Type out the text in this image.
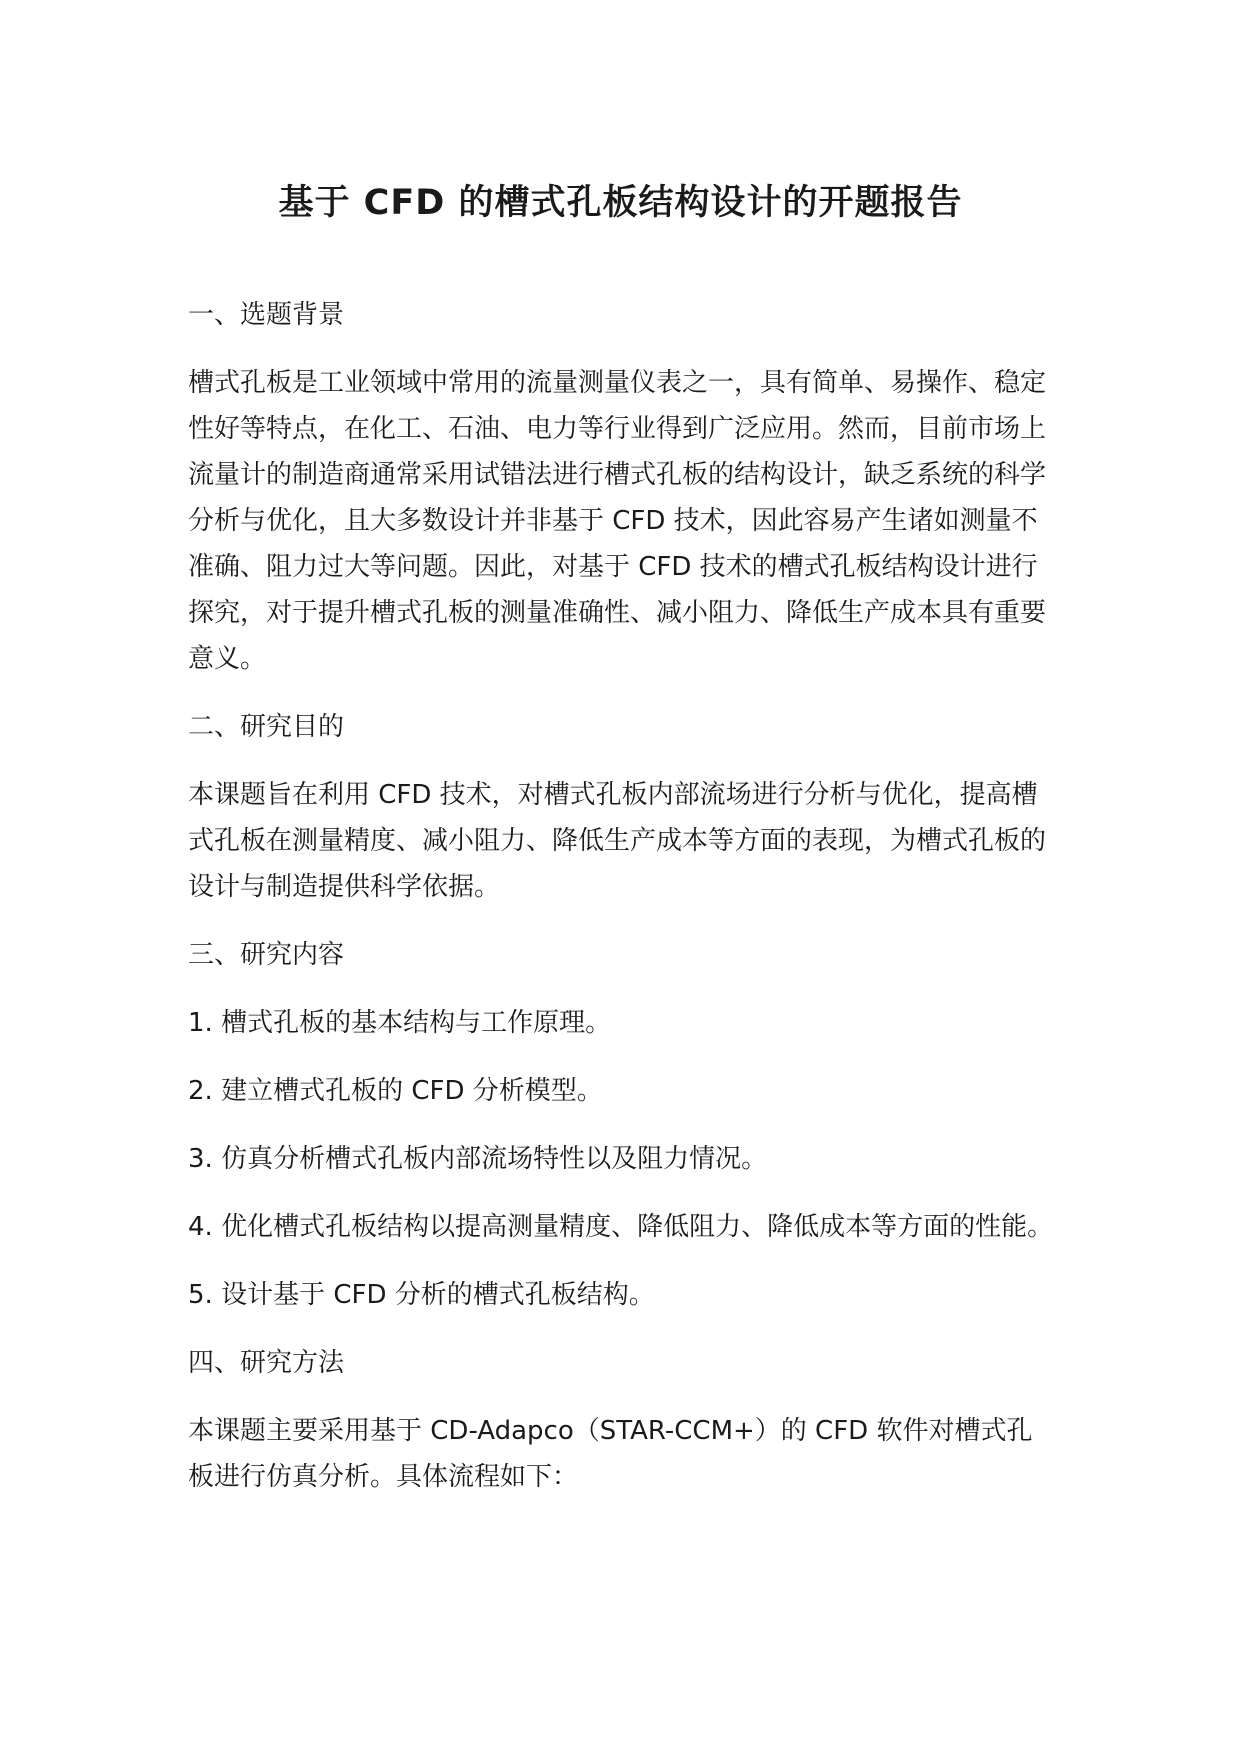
基于 CFD 的槽式孔板结构设计的开题报告
一、选题背景

槽式孔板是工业领域中常用的流量测量仪表之一，具有简单、易操作、稳定性好等特点，在化工、石油、电力等行业得到广泛应用。然而，目前市场上流量计的制造商通常采用试错法进行槽式孔板的结构设计，缺乏系统的科学分析与优化，且大多数设计并非基于 CFD 技术，因此容易产生诸如测量不准确、阻力过大等问题。因此，对基于 CFD 技术的槽式孔板结构设计进行探究，对于提升槽式孔板的测量准确性、减小阻力、降低生产成本具有重要意义。

二、研究目的

本课题旨在利用 CFD 技术，对槽式孔板内部流场进行分析与优化，提高槽式孔板在测量精度、减小阻力、降低生产成本等方面的表现，为槽式孔板的设计与制造提供科学依据。

三、研究内容

1. 槽式孔板的基本结构与工作原理。

2. 建立槽式孔板的 CFD 分析模型。

3. 仿真分析槽式孔板内部流场特性以及阻力情况。

4. 优化槽式孔板结构以提高测量精度、降低阻力、降低成本等方面的性能。

5. 设计基于 CFD 分析的槽式孔板结构。

四、研究方法

本课题主要采用基于 CD-Adapco（STAR-CCM+）的 CFD 软件对槽式孔板进行仿真分析。具体流程如下：
